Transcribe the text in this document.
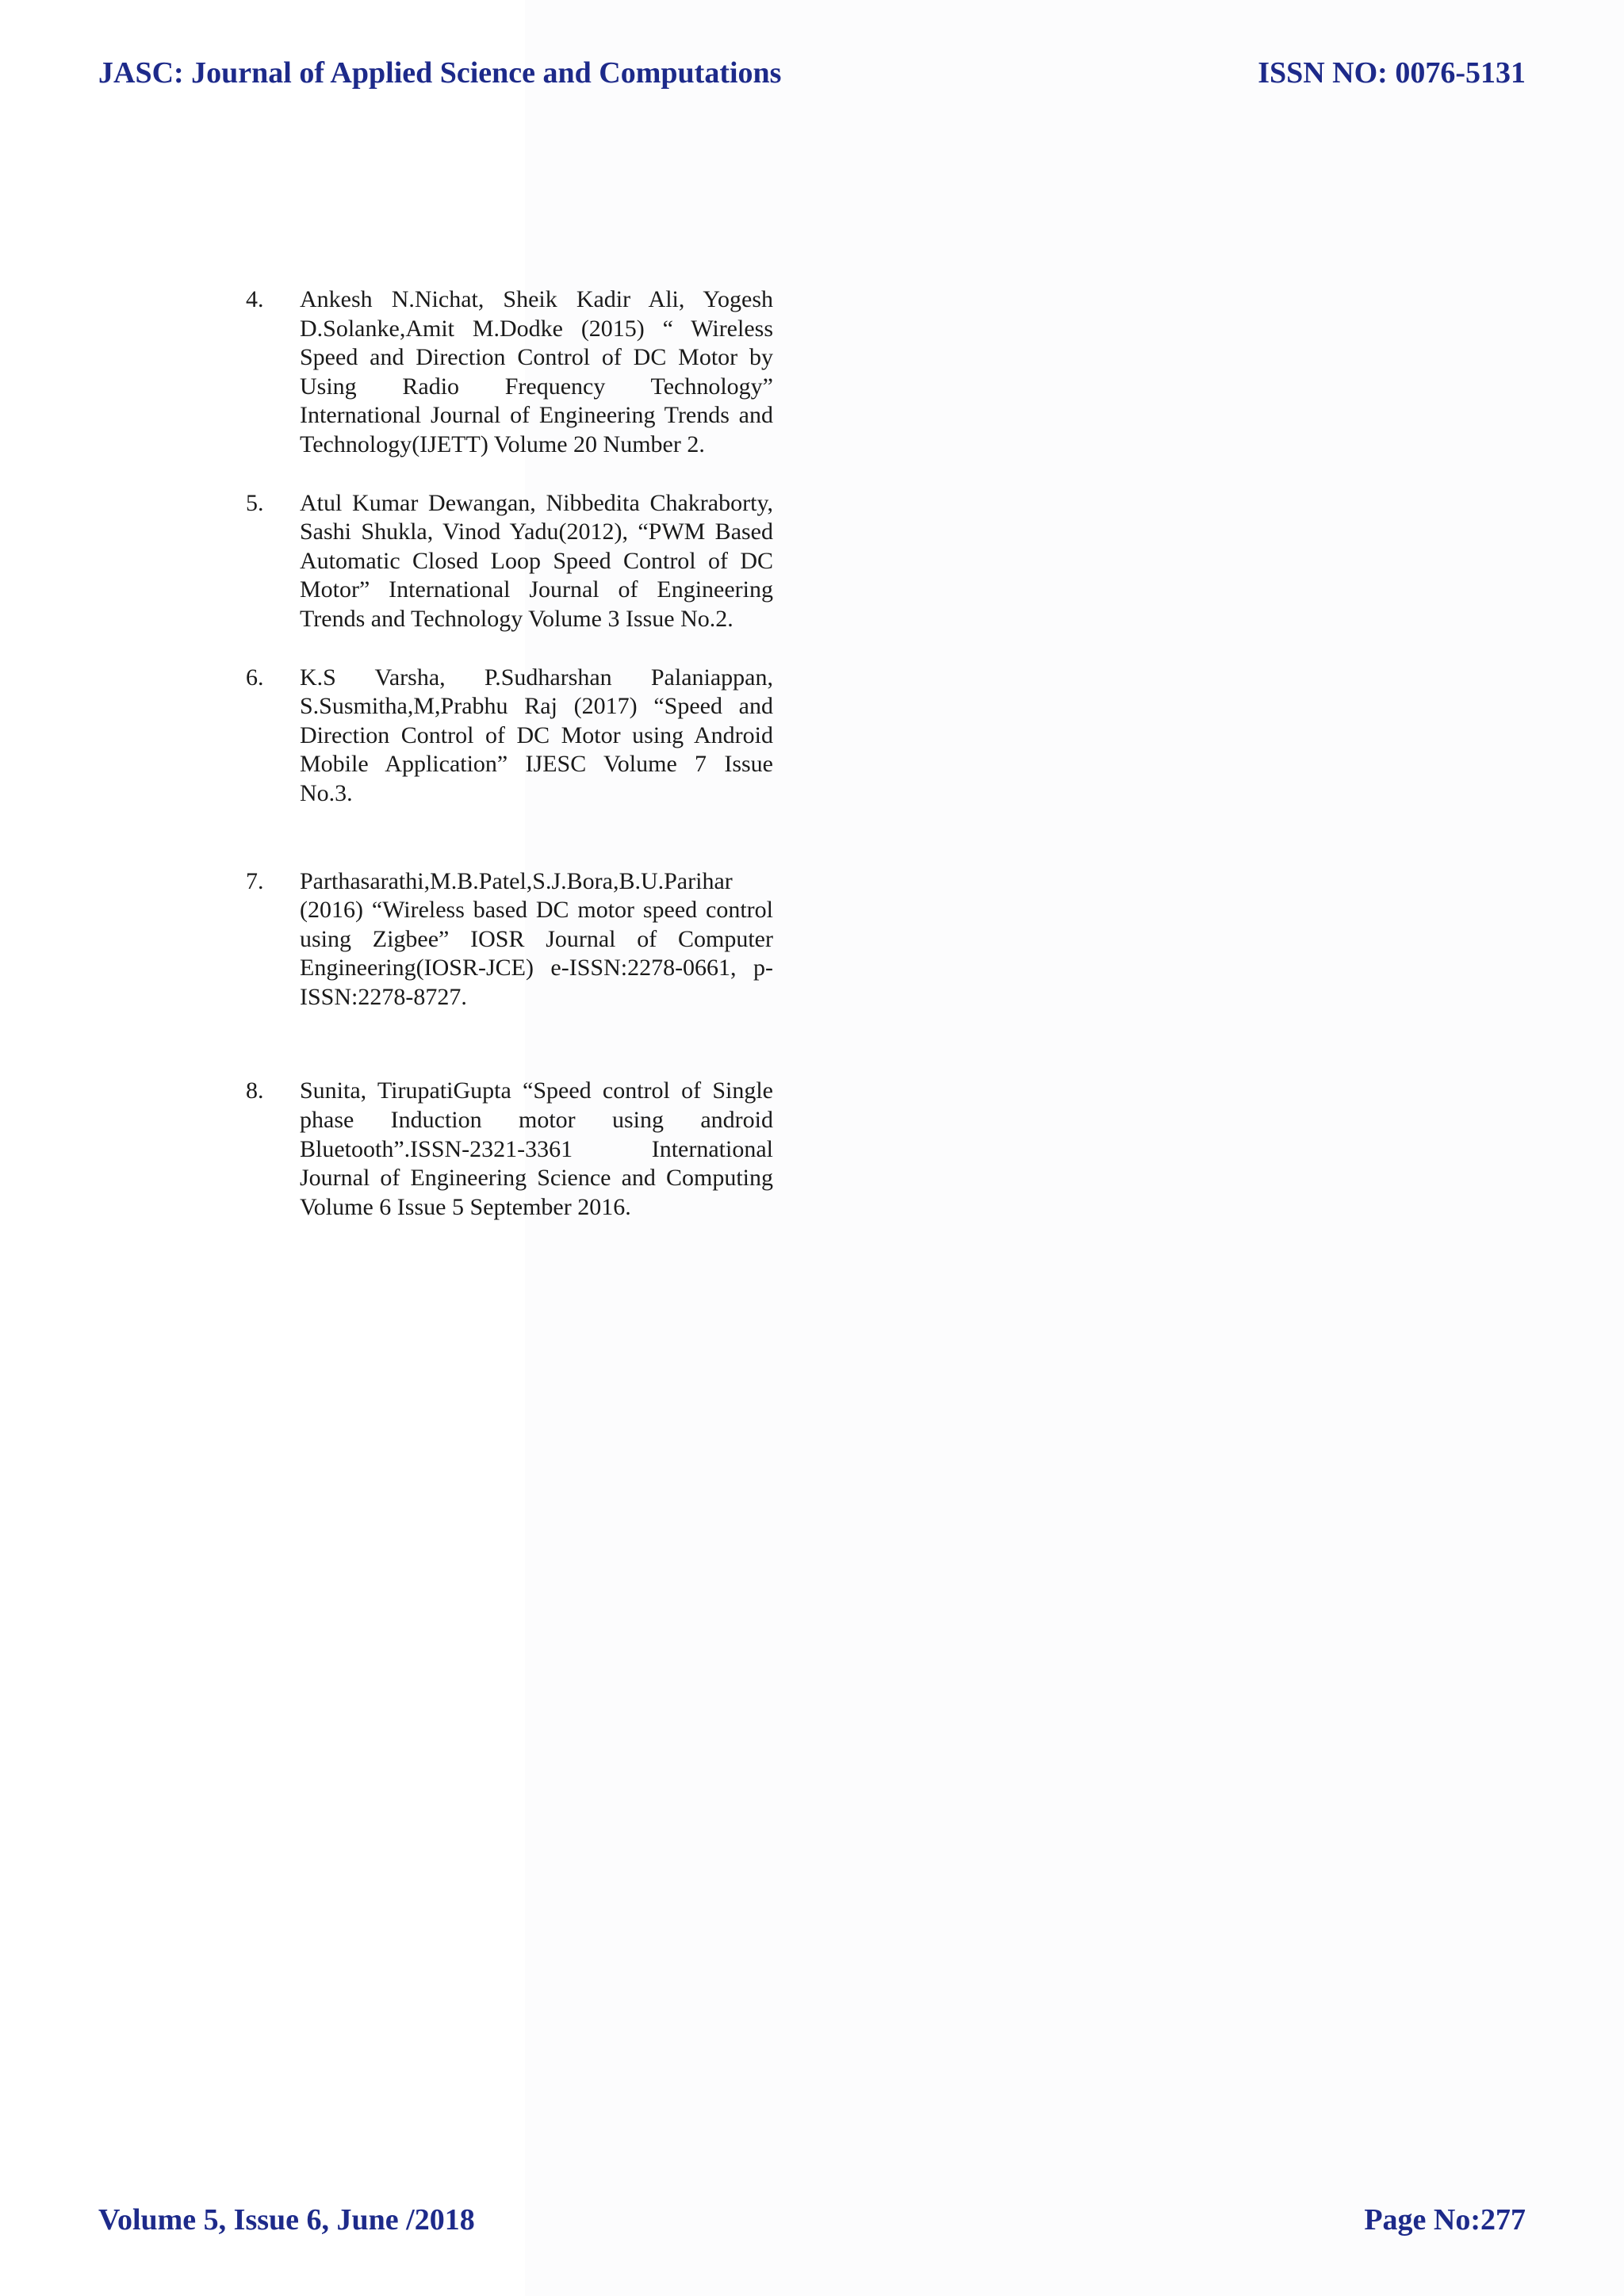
JASC: Journal of Applied Science and Computations	ISSN NO: 0076-5131
4.	Ankesh N.Nichat, Sheik Kadir Ali, Yogesh D.Solanke,Amit M.Dodke (2015) “ Wireless Speed and Direction Control of DC Motor by Using Radio Frequency Technology” International Journal of Engineering Trends and Technology(IJETT) Volume 20 Number 2.

5.	Atul Kumar Dewangan, Nibbedita Chakraborty, Sashi Shukla, Vinod Yadu(2012), “PWM Based Automatic Closed Loop Speed Control of DC Motor” International Journal of Engineering Trends and Technology Volume 3 Issue No.2.

6.	K.S Varsha, P.Sudharshan Palaniappan, S.Susmitha,M,Prabhu Raj (2017) “Speed and Direction Control of DC Motor using Android Mobile Application” IJESC Volume 7 Issue No.3.

7.	Parthasarathi,M.B.Patel,S.J.Bora,B.U.Parihar (2016) “Wireless based DC motor speed control using Zigbee” IOSR Journal of Computer Engineering(IOSR-JCE) e-ISSN:2278-0661, p-ISSN:2278-8727.

8.	Sunita, TirupatiGupta “Speed control of Single phase Induction motor using android Bluetooth”.ISSN-2321-3361 International Journal of Engineering Science and Computing Volume 6 Issue 5 September 2016.

Volume 5, Issue 6, June /2018	Page No:277
